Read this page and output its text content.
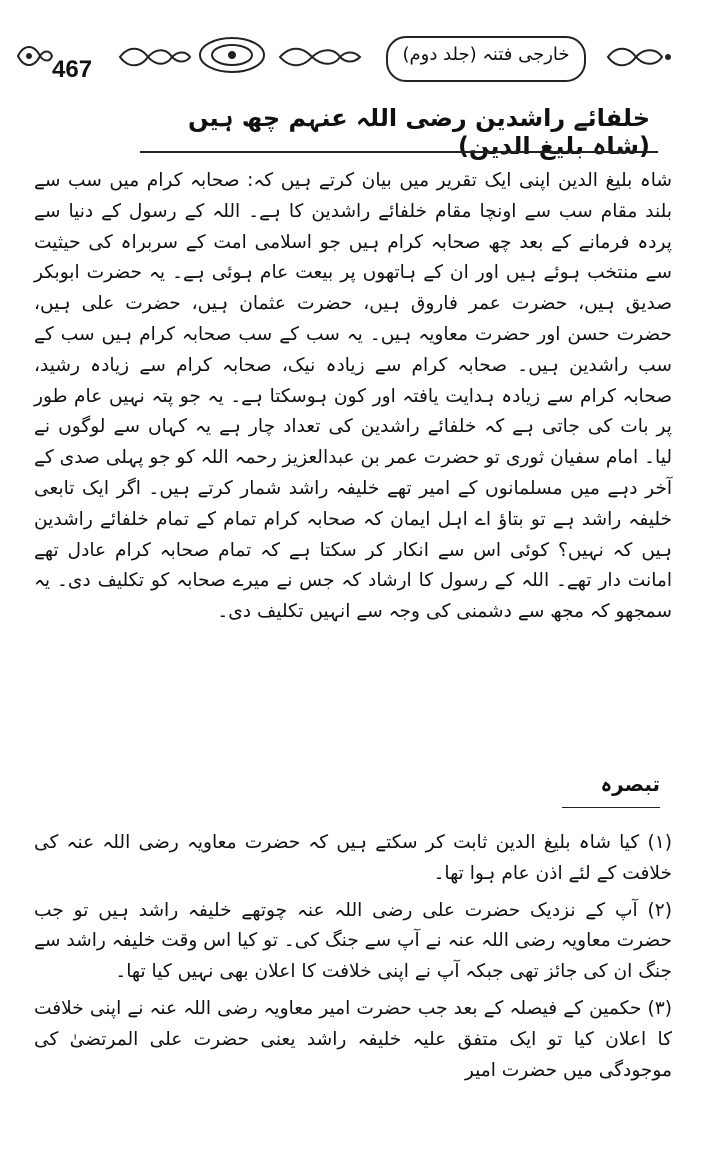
467
خارجی فتنہ (جلد دوم)
خلفائے راشدین رضی اللہ عنہم چھ ہیں (شاہ بلیغ الدین)
شاہ بلیغ الدین اپنی ایک تقریر میں بیان کرتے ہیں کہ: صحابہ کرام میں سب سے بلند مقام سب سے اونچا مقام خلفائے راشدین کا ہے۔ اللہ کے رسول کے دنیا سے پردہ فرمانے کے بعد چھ صحابہ کرام ہیں جو اسلامی امت کے سربراہ کی حیثیت سے منتخب ہوئے ہیں اور ان کے ہاتھوں پر بیعت عام ہوئی ہے۔ یہ حضرت ابوبکر صدیق ہیں، حضرت عمر فاروق ہیں، حضرت عثمان ہیں، حضرت علی ہیں، حضرت حسن اور حضرت معاویہ ہیں۔ یہ سب کے سب صحابہ کرام ہیں سب کے سب راشدین ہیں۔ صحابہ کرام سے زیادہ نیک، صحابہ کرام سے زیادہ رشید، صحابہ کرام سے زیادہ ہدایت یافتہ اور کون ہوسکتا ہے۔ یہ جو پتہ نہیں عام طور پر بات کی جاتی ہے کہ خلفائے راشدین کی تعداد چار ہے یہ کہاں سے لوگوں نے لیا۔ امام سفیان ثوری تو حضرت عمر بن عبدالعزیز رحمہ اللہ کو جو پہلی صدی کے آخر دہے میں مسلمانوں کے امیر تھے خلیفہ راشد شمار کرتے ہیں۔ اگر ایک تابعی خلیفہ راشد ہے تو بتاؤ اے اہل ایمان کہ صحابہ کرام تمام کے تمام خلفائے راشدین ہیں کہ نہیں؟ کوئی اس سے انکار کر سکتا ہے کہ تمام صحابہ کرام عادل تھے امانت دار تھے۔ اللہ کے رسول کا ارشاد کہ جس نے میرے صحابہ کو تکلیف دی۔ یہ سمجھو کہ مجھ سے دشمنی کی وجہ سے انہیں تکلیف دی۔
تبصرہ
(۱) کیا شاہ بلیغ الدین ثابت کر سکتے ہیں کہ حضرت معاویہ رضی اللہ عنہ کی خلافت کے لئے اذن عام ہوا تھا۔
(۲) آپ کے نزدیک حضرت علی رضی اللہ عنہ چوتھے خلیفہ راشد ہیں تو جب حضرت معاویہ رضی اللہ عنہ نے آپ سے جنگ کی۔ تو کیا اس وقت خلیفہ راشد سے جنگ ان کی جائز تھی جبکہ آپ نے اپنی خلافت کا اعلان بھی نہیں کیا تھا۔
(۳) حکمین کے فیصلہ کے بعد جب حضرت امیر معاویہ رضی اللہ عنہ نے اپنی خلافت کا اعلان کیا تو ایک متفق علیہ خلیفہ راشد یعنی حضرت علی المرتضیٰ کی موجودگی میں حضرت امیر
